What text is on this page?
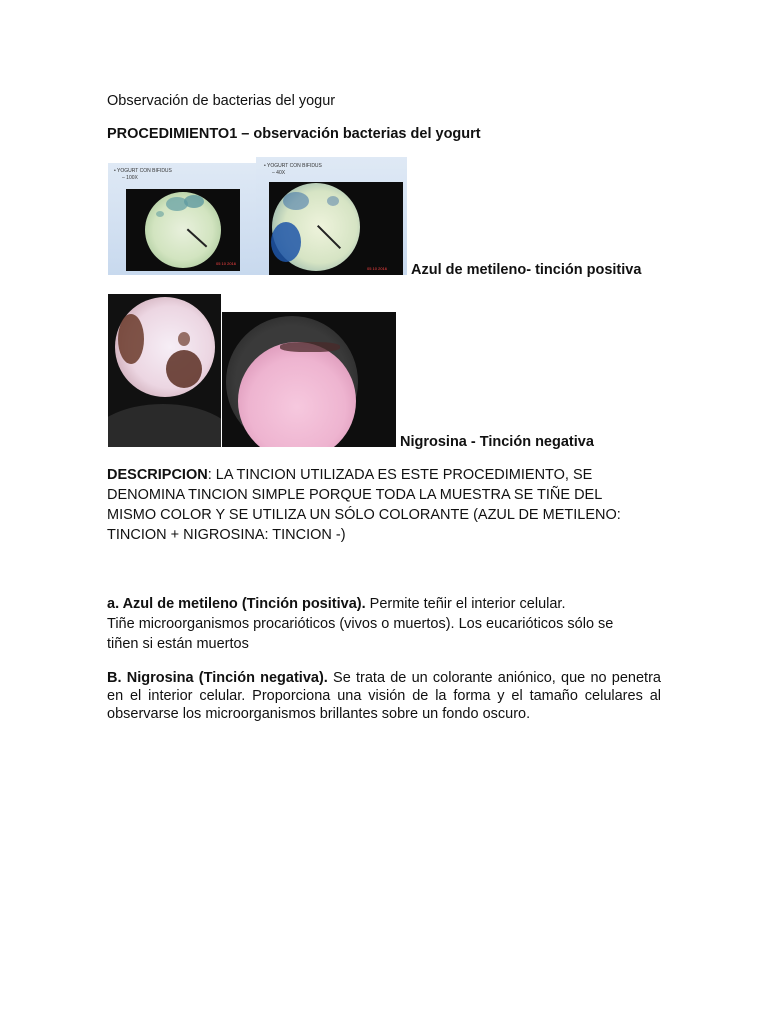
Observación de bacterias del yogur
PROCEDIMIENTO1 – observación bacterias del yogurt
• YOGURT CON BIFIDUS
– 100X
05 10 2016
• YOGURT CON BIFIDUS
– 40X
05 10 2016 Azul de metileno- tinción positiva
Nigrosina - Tinción negativa
DESCRIPCION: LA TINCION UTILIZADA ES ESTE PROCEDIMIENTO, SE DENOMINA TINCION SIMPLE PORQUE TODA LA MUESTRA SE TIÑE DEL MISMO COLOR Y SE UTILIZA UN SÓLO COLORANTE (AZUL DE METILENO: TINCION + NIGROSINA: TINCION -)
a. Azul de metileno (Tinción positiva). Permite teñir el interior celular.
Tiñe microorganismos procarióticos (vivos o muertos). Los eucarióticos sólo se tiñen si están muertos
B. Nigrosina (Tinción negativa). Se trata de un colorante aniónico, que no penetra en el interior celular. Proporciona una visión de la forma y el tamaño celulares al observarse los microorganismos brillantes sobre un fondo oscuro.
